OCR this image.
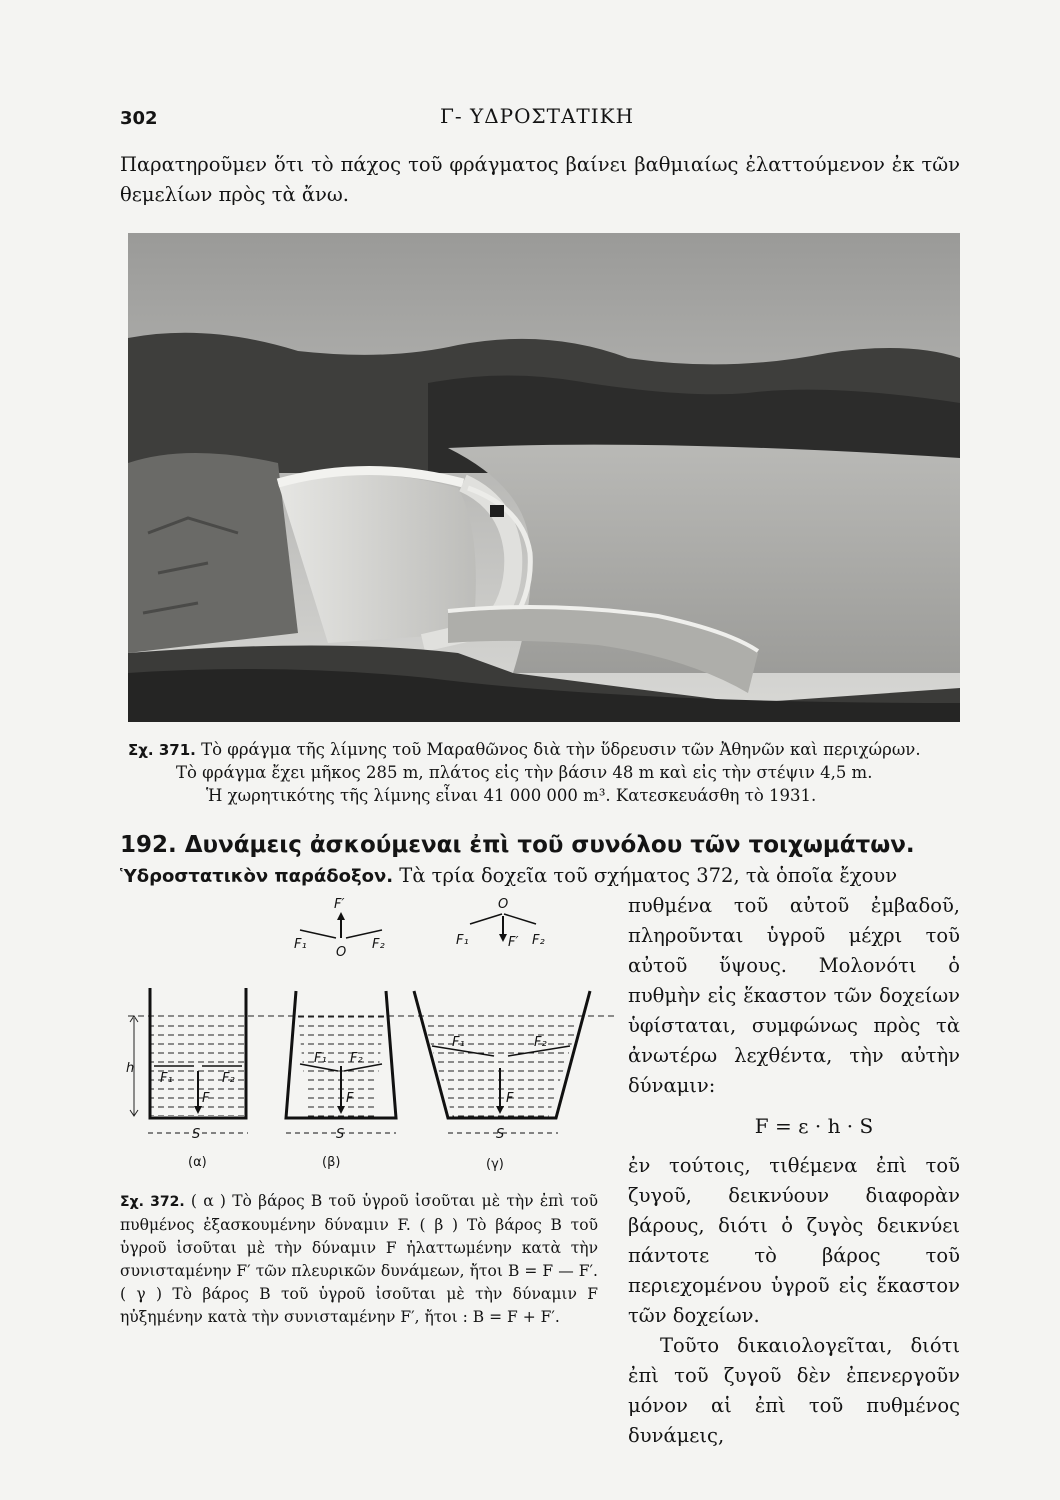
302	Γ- ΥΔΡΟΣΤΑΤΙΚΗ
Παρατηροῦμεν ὅτι τὸ πάχος τοῦ φράγματος βαίνει βαθμιαίως ἐλαττούμενον ἐκ τῶν θεμελίων πρὸς τὰ ἄνω.
Σχ. 371. Τὸ φράγμα τῆς λίμνης τοῦ Μαραθῶνος διὰ τὴν ὕδρευσιν τῶν Ἀθηνῶν καὶ περιχώρων.
Τὸ φράγμα ἔχει μῆκος 285 m, πλάτος εἰς τὴν βάσιν 48 m καὶ εἰς τὴν στέψιν 4,5 m.
Ἡ χωρητικότης τῆς λίμνης εἶναι 41 000 000 m³. Κατεσκευάσθη τὸ 1931.
192. Δυνάμεις ἀσκούμεναι ἐπὶ τοῦ συνόλου τῶν τοιχωμάτων.
Ὑδροστατικὸν παράδοξον. Τὰ τρία δοχεῖα τοῦ σχήματος 372, τὰ ὁποῖα ἔχουν

πυθμένα τοῦ αὐτοῦ ἐμβαδοῦ, πληροῦνται ὑγροῦ μέχρι τοῦ αὐτοῦ ὕψους. Μολονότι ὁ πυθμὴν εἰς ἕκαστον τῶν δοχείων ὑφίσταται, συμφώνως πρὸς τὰ ἀνωτέρω λεχθέντα, τὴν αὐτὴν δύναμιν:

F = ε · h · S

ἐν τούτοις, τιθέμενα ἐπὶ τοῦ ζυγοῦ, δεικνύουν διαφορὰν βάρους, διότι ὁ ζυγὸς δεικνύει πάντοτε τὸ βάρος τοῦ περιεχομένου ὑγροῦ εἰς ἕκαστον τῶν δοχείων.

Τοῦτο δικαιολογεῖται, διότι ἐπὶ τοῦ ζυγοῦ δὲν ἐπενεργοῦν μόνον αἱ ἐπὶ τοῦ πυθμένος δυνάμεις,

h
F₁	F₂
F
S
(α)
F₁ F₂
F
S
(β)
F′
O
F₁	F₂
F₁	F₂
F
S
(γ)
O
F′
F₁	F₂
Σχ. 372. ( α ) Τὸ βάρος Β τοῦ ὑγροῦ ἰσοῦται μὲ τὴν ἐπὶ τοῦ πυθμένος ἐξασκουμένην δύναμιν F. ( β ) Τὸ βάρος Β τοῦ ὑγροῦ ἰσοῦται μὲ τὴν δύναμιν F ἠλαττωμένην κατὰ τὴν συνισταμένην F′ τῶν πλευρικῶν δυνάμεων, ἤτοι Β = F — F′. ( γ ) Τὸ βάρος Β τοῦ ὑγροῦ ἰσοῦται μὲ τὴν δύναμιν F ηὐξημένην κατὰ τὴν συνισταμένην F′, ἤτοι : Β = F + F′.
